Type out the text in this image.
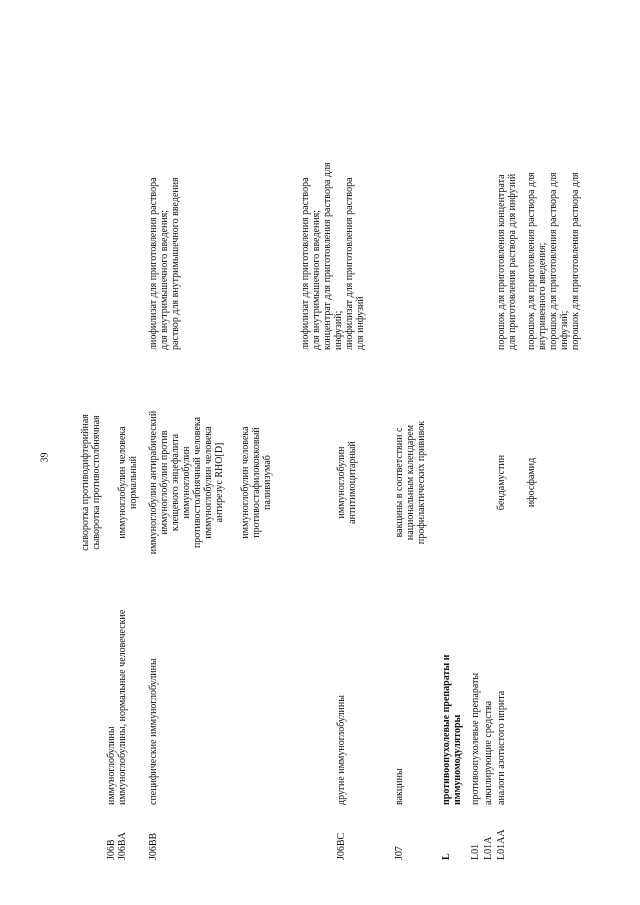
39	сыворотка противодифтерийная сыворотка противостолбнячная
J06B
иммуноглобулины
J06BA
иммуноглобулины, нормальные человеческие
иммуноглобулин человека нормальный
J06BB
специфические иммуноглобулины
иммуноглобулин антирабический иммуноглобулин против клещевого энцефалита иммуноглобулин противостолбнячный человека иммуноглобулин человека антирезус RHO[D]
лиофилизат для приготовления раствора для внутримышечного введения; раствор для внутримышечного введения
иммуноглобулин человека противостафилококковый паливизумаб
лиофилизат для приготовления раствора для внутримышечного введения; концентрат для приготовления раствора для инфузий; лиофилизат для приготовления раствора для инфузий
J06BC
другие иммуноглобулины
иммуноглобулин антитимоцитарный
J07
вакцины
вакцины в соответствии с национальным календарем профилактических прививок
L
противоопухолевые препараты и иммуномодуляторы
L01
противоопухолевые препараты
L01A
алкилирующие средства
L01AA
аналоги азотистого иприта
бендамустин
порошок для приготовления концентрата для приготовления раствора для инфузий
ифосфамид
порошок для приготовления раствора для внутривенного введения; порошок для приготовления раствора для инфузий; порошок для приготовления раствора для
